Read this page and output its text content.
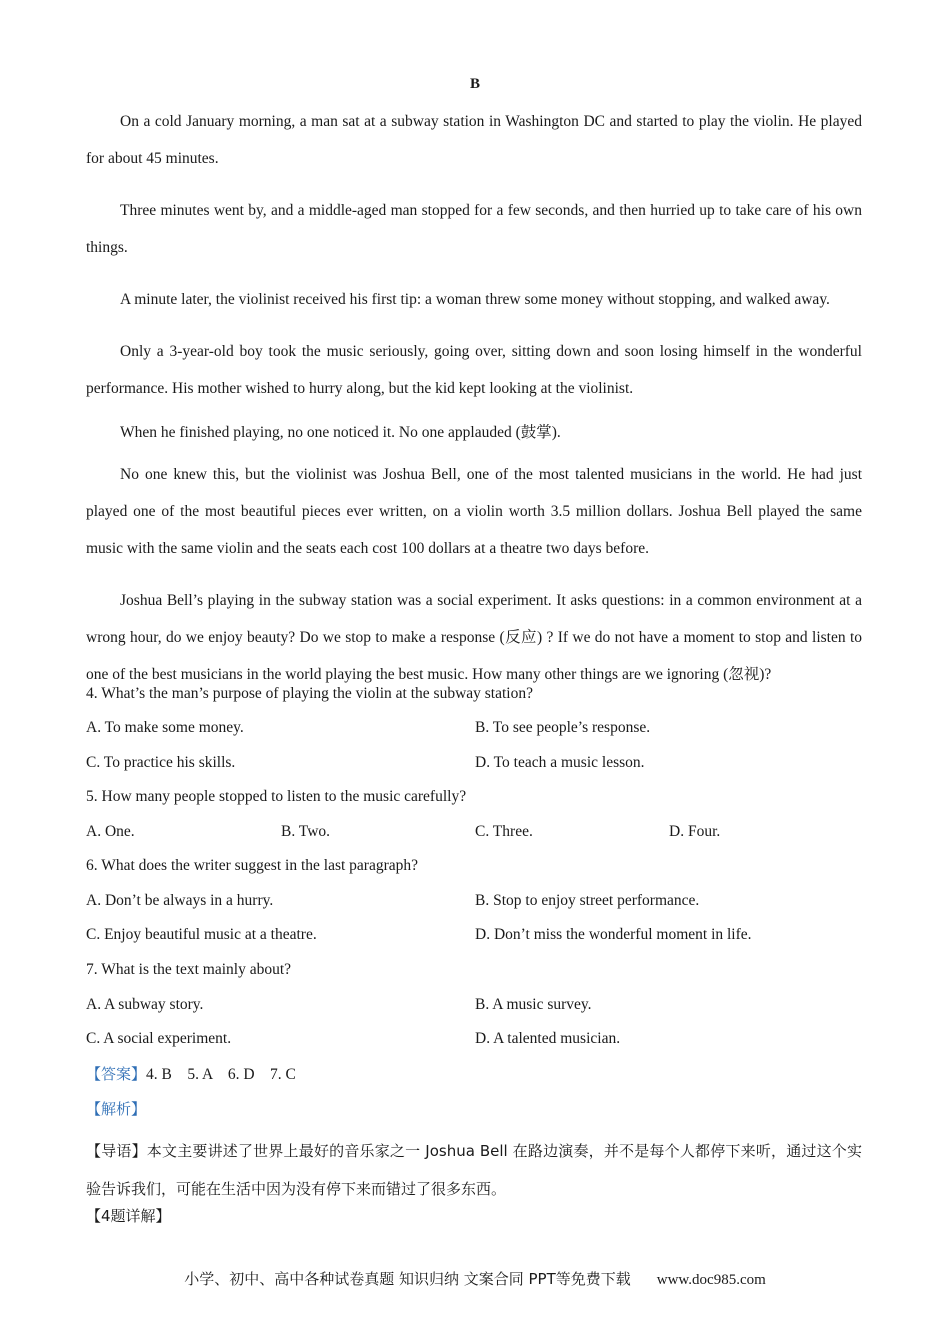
B

On a cold January morning, a man sat at a subway station in Washington DC and started to play the violin. He played for about 45 minutes.

Three minutes went by, and a middle-aged man stopped for a few seconds, and then hurried up to take care of his own things.

A minute later, the violinist received his first tip: a woman threw some money without stopping, and walked away.

Only a 3-year-old boy took the music seriously, going over, sitting down and soon losing himself in the wonderful performance. His mother wished to hurry along, but the kid kept looking at the violinist.

When he finished playing, no one noticed it. No one applauded (鼓掌).

No one knew this, but the violinist was Joshua Bell, one of the most talented musicians in the world. He had just played one of the most beautiful pieces ever written, on a violin worth 3.5 million dollars. Joshua Bell played the same music with the same violin and the seats each cost 100 dollars at a theatre two days before.

Joshua Bell’s playing in the subway station was a social experiment. It asks questions: in a common environment at a wrong hour, do we enjoy beauty? Do we stop to make a response (反应) ? If we do not have a moment to stop and listen to one of the best musicians in the world playing the best music. How many other things are we ignoring (忽视)?

4. What’s the man’s purpose of playing the violin at the subway station?
A. To make some money.	B. To see people’s response.
C. To practice his skills.	D. To teach a music lesson.
5. How many people stopped to listen to the music carefully?
A. One.	B. Two.	C. Three.	D. Four.
6. What does the writer suggest in the last paragraph?
A. Don’t be always in a hurry.	B. Stop to enjoy street performance.
C. Enjoy beautiful music at a theatre.	D. Don’t miss the wonderful moment in life.
7. What is the text mainly about?
A. A subway story.	B. A music survey.
C. A social experiment.	D. A talented musician.
【答案】4. B    5. A    6. D    7. C
【解析】
【导语】本文主要讲述了世界上最好的音乐家之一 Joshua Bell 在路边演奏，并不是每个人都停下来听，通过这个实验告诉我们，可能在生活中因为没有停下来而错过了很多东西。
【4题详解】
小学、初中、高中各种试卷真题 知识归纳 文案合同 PPT等免费下载 www.doc985.com
